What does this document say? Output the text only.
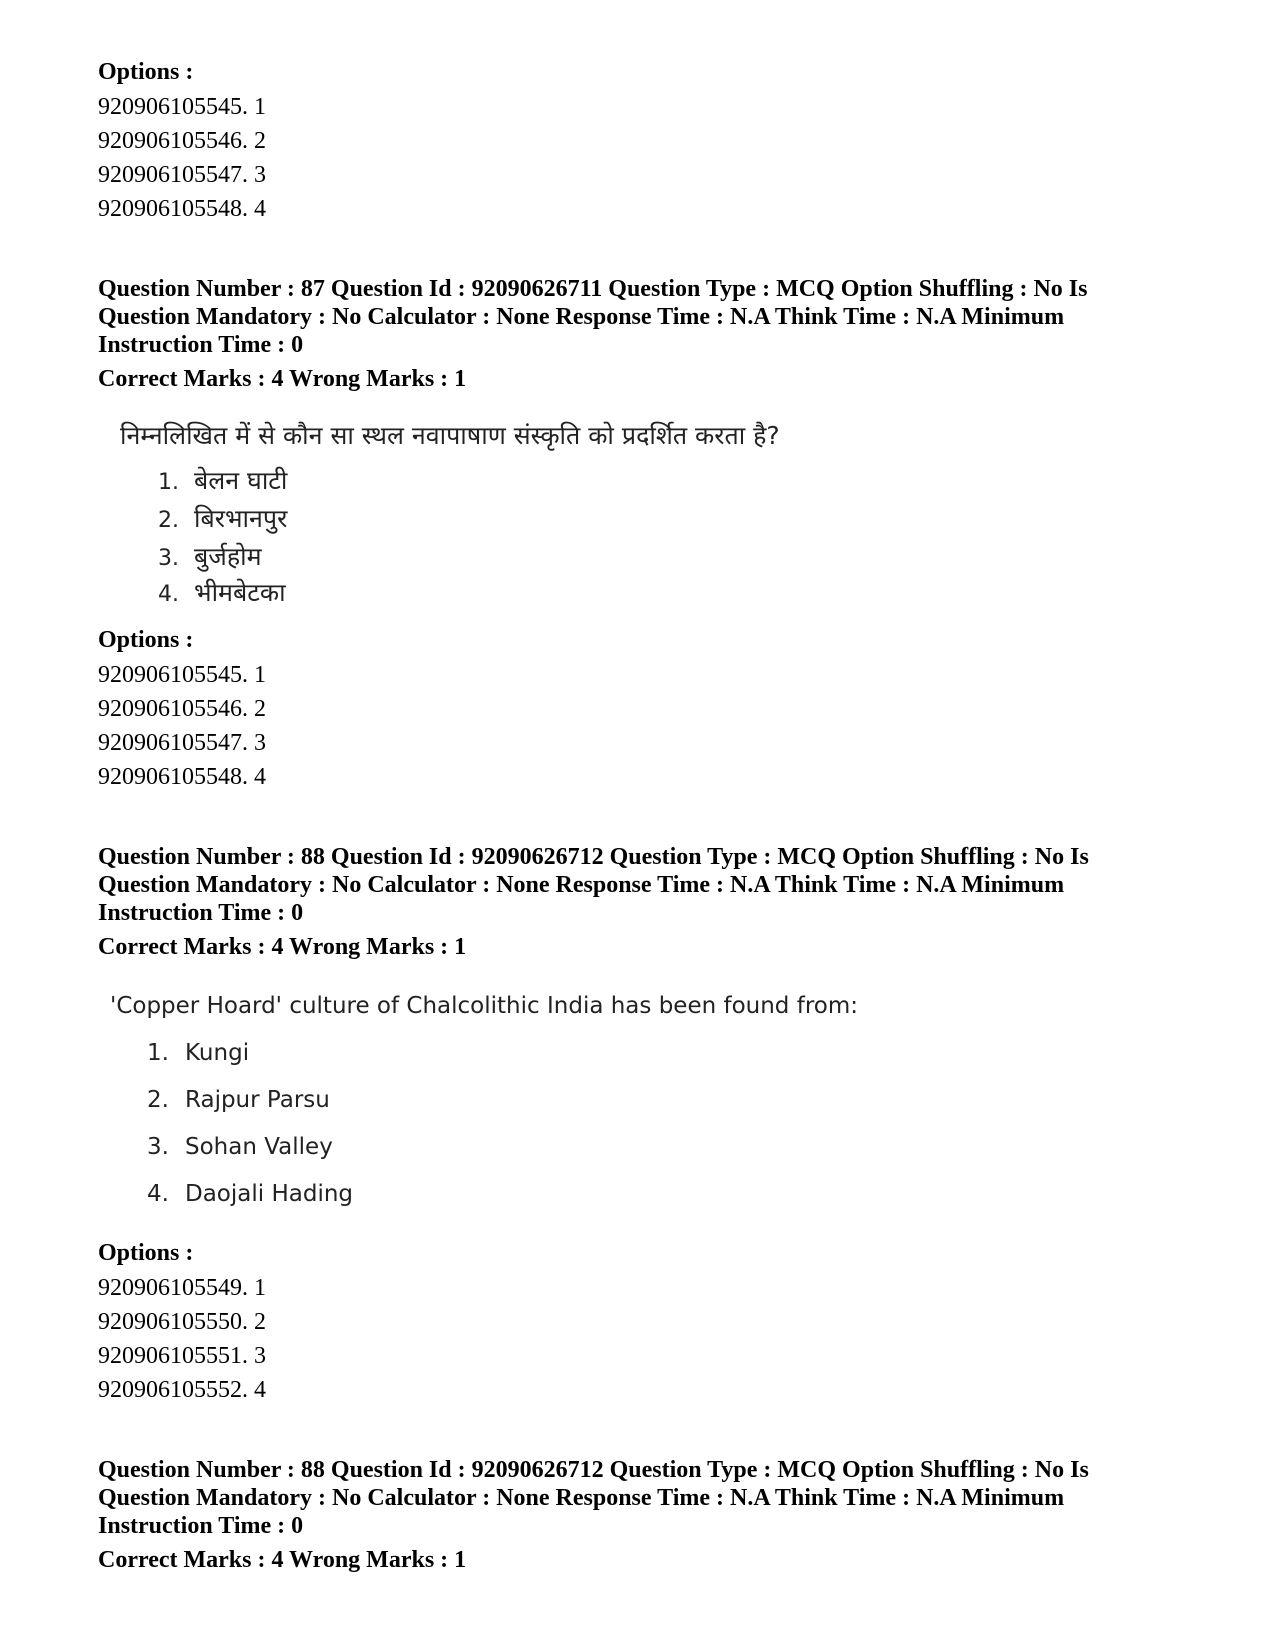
Options :
920906105545. 1
920906105546. 2
920906105547. 3
920906105548. 4
Question Number : 87 Question Id : 92090626711 Question Type : MCQ Option Shuffling : No Is
Question Mandatory : No Calculator : None Response Time : N.A Think Time : N.A Minimum
Instruction Time : 0
Correct Marks : 4 Wrong Marks : 1
निम्नलिखित में से कौन सा स्थल नवापाषाण संस्कृति को प्रदर्शित करता है?
1. बेलन घाटी
2. बिरभानपुर
3. बुर्जहोम
4. भीमबेटका
Options :
920906105545. 1
920906105546. 2
920906105547. 3
920906105548. 4
Question Number : 88 Question Id : 92090626712 Question Type : MCQ Option Shuffling : No Is
Question Mandatory : No Calculator : None Response Time : N.A Think Time : N.A Minimum
Instruction Time : 0
Correct Marks : 4 Wrong Marks : 1
'Copper Hoard' culture of Chalcolithic India has been found from:
1. Kungi
2. Rajpur Parsu
3. Sohan Valley
4. Daojali Hading
Options :
920906105549. 1
920906105550. 2
920906105551. 3
920906105552. 4
Question Number : 88 Question Id : 92090626712 Question Type : MCQ Option Shuffling : No Is
Question Mandatory : No Calculator : None Response Time : N.A Think Time : N.A Minimum
Instruction Time : 0
Correct Marks : 4 Wrong Marks : 1
